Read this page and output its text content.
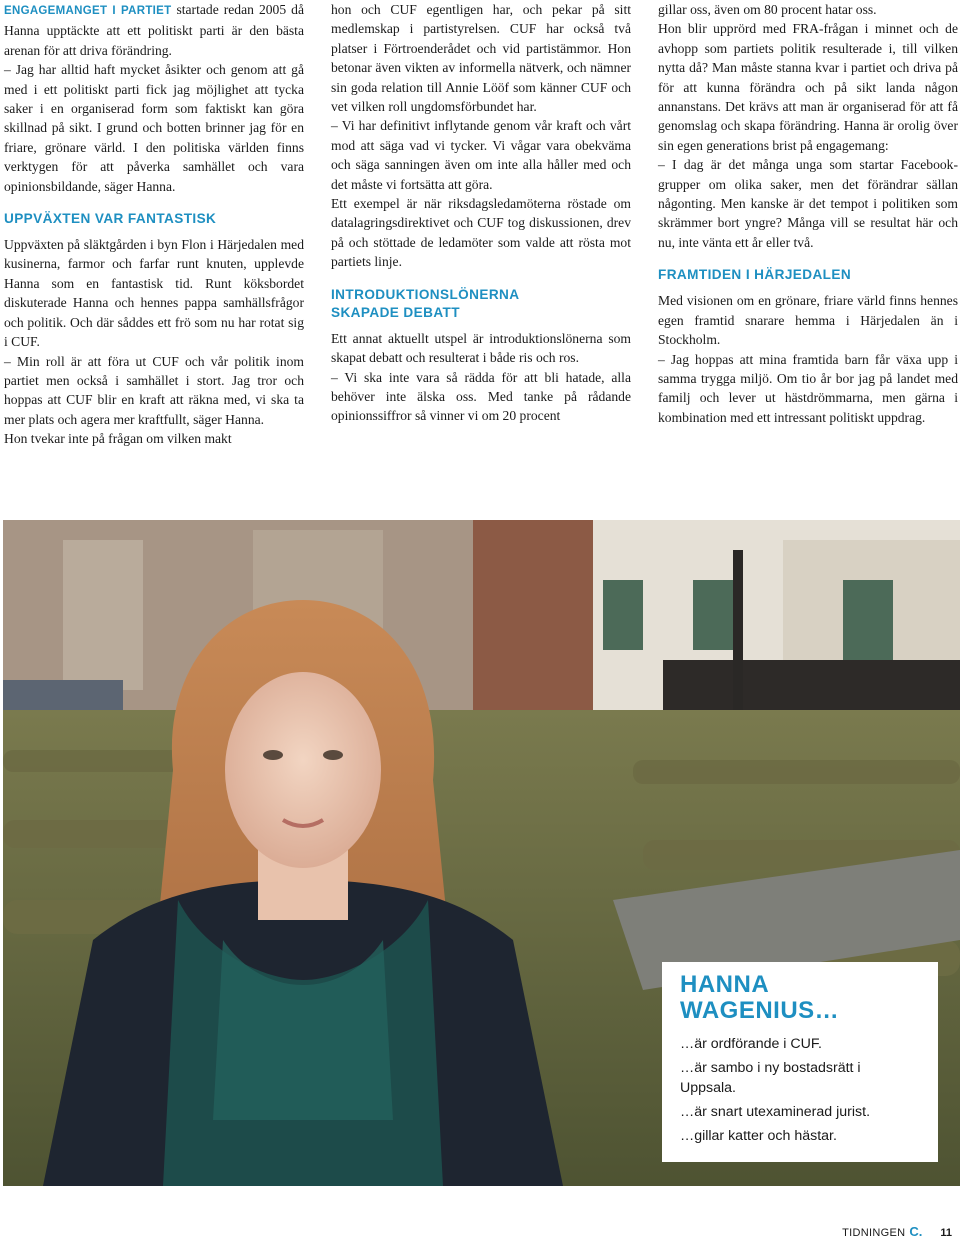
ENGAGEMANGET I PARTIET startade redan 2005 då Hanna upptäckte att ett politiskt parti är den bästa arenan för att driva förändring.

– Jag har alltid haft mycket åsikter och genom att gå med i ett politiskt parti fick jag möjlighet att tycka saker i en organiserad form som faktiskt kan göra skillnad på sikt. I grund och botten brinner jag för en friare, grönare värld. I den politiska världen finns verktygen för att påverka samhället och vara opinionsbildande, säger Hanna.

UPPVÄXTEN VAR FANTASTISK

Uppväxten på släktgården i byn Flon i Härjedalen med kusinerna, farmor och farfar runt knuten, upplevde Hanna som en fantastisk tid. Runt köksbordet diskuterade Hanna och hennes pappa samhällsfrågor och politik. Och där såddes ett frö som nu har rotat sig i CUF.

– Min roll är att föra ut CUF och vår politik inom partiet men också i samhället i stort. Jag tror och hoppas att CUF blir en kraft att räkna med, vi ska ta mer plats och agera mer kraftfullt, säger Hanna.

Hon tvekar inte på frågan om vilken makt

hon och CUF egentligen har, och pekar på sitt medlemskap i partistyrelsen. CUF har också två platser i Förtroenderådet och vid partistämmor. Hon betonar även vikten av informella nätverk, och nämner sin goda relation till Annie Lööf som känner CUF och vet vilken roll ungdomsförbundet har.

– Vi har definitivt inflytande genom vår kraft och vårt mod att säga vad vi tycker. Vi vågar vara obekväma och säga sanningen även om inte alla håller med och det måste vi fortsätta att göra.

Ett exempel är när riksdagsledamöterna röstade om datalagringsdirektivet och CUF tog diskussionen, drev på och stöttade de ledamöter som valde att rösta mot partiets linje.

INTRODUKTIONSLÖNERNA
SKAPADE DEBATT

Ett annat aktuellt utspel är introduktionslönerna som skapat debatt och resulterat i både ris och ros.

– Vi ska inte vara så rädda för att bli hatade, alla behöver inte älska oss. Med tanke på rådande opinionssiffror så vinner vi om 20 procent

gillar oss, även om 80 procent hatar oss.

Hon blir upprörd med FRA-frågan i minnet och de avhopp som partiets politik resulterade i, till vilken nytta då? Man måste stanna kvar i partiet och driva på för att kunna förändra och på sikt landa någon annanstans. Det krävs att man är organiserad för att få genomslag och skapa förändring. Hanna är orolig över sin egen generations brist på engagemang:

– I dag är det många unga som startar Facebook-grupper om olika saker, men det förändrar sällan någonting. Men kanske är det tempot i politiken som skrämmer bort yngre? Många vill se resultat här och nu, inte vänta ett år eller två.

FRAMTIDEN I HÄRJEDALEN

Med visionen om en grönare, friare värld finns hennes egen framtid snarare hemma i Härjedalen än i Stockholm.

– Jag hoppas att mina framtida barn får växa upp i samma trygga miljö. Om tio år bor jag på landet med familj och lever ut hästdrömmarna, men gärna i kombination med ett intressant politiskt uppdrag.

HANNA
WAGENIUS…

…är ordförande i CUF.

…är sambo i ny bostadsrätt i Uppsala.

…är snart utexaminerad jurist.

…gillar katter och hästar.

TIDNINGEN C. 11
